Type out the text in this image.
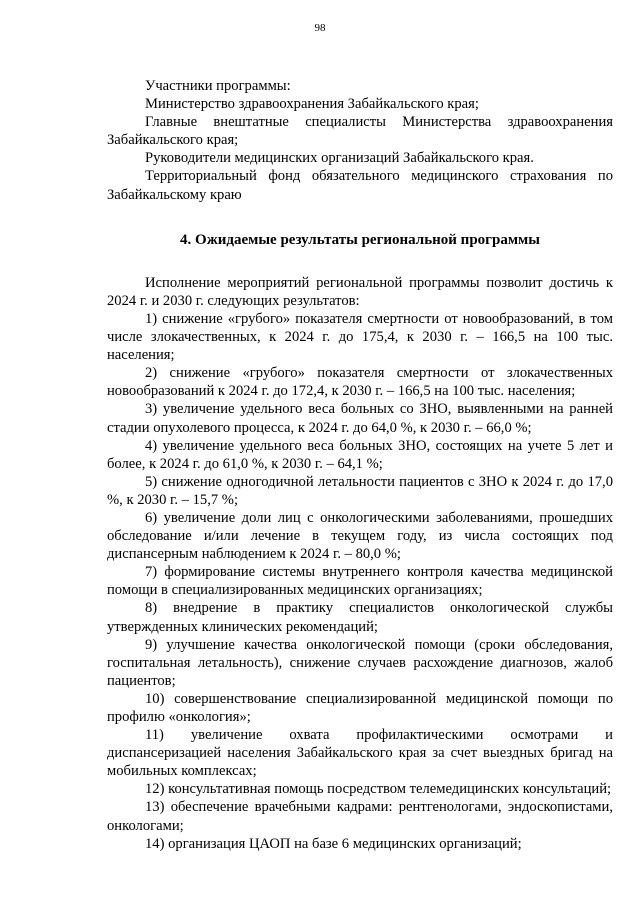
98

Участники программы:

Министерство здравоохранения Забайкальского края;

Главные внештатные специалисты Министерства здравоохранения Забайкальского края;

Руководители медицинских организаций Забайкальского края.

Территориальный фонд обязательного медицинского страхования по Забайкальскому краю

4. Ожидаемые результаты региональной программы

Исполнение мероприятий региональной программы позволит достичь к 2024 г. и 2030 г. следующих результатов:

1) снижение «грубого» показателя смертности от новообразований, в том числе злокачественных, к 2024 г. до 175,4, к 2030 г. – 166,5 на 100 тыс. населения;

2) снижение «грубого» показателя смертности от злокачественных новообразований к 2024 г. до 172,4, к 2030 г. – 166,5 на 100 тыс. населения;

3) увеличение удельного веса больных со ЗНО, выявленными на ранней стадии опухолевого процесса, к 2024 г. до 64,0 %, к 2030 г. – 66,0 %;

4) увеличение удельного веса больных ЗНО, состоящих на учете 5 лет и более, к 2024 г. до 61,0 %, к 2030 г. – 64,1 %;

5) снижение одногодичной летальности пациентов с ЗНО к 2024 г. до 17,0 %, к 2030 г. – 15,7 %;

6) увеличение доли лиц с онкологическими заболеваниями, прошедших обследование и/или лечение в текущем году, из числа состоящих под диспансерным наблюдением к 2024 г. – 80,0 %;

7) формирование системы внутреннего контроля качества медицинской помощи в специализированных медицинских организациях;

8) внедрение в практику специалистов онкологической службы утвержденных клинических рекомендаций;

9) улучшение качества онкологической помощи (сроки обследования, госпитальная летальность), снижение случаев расхождение диагнозов, жалоб пациентов;

10) совершенствование специализированной медицинской помощи по профилю «онкология»;

11) увеличение охвата профилактическими осмотрами и диспансеризацией населения Забайкальского края за счет выездных бригад на мобильных комплексах;

12) консультативная помощь посредством телемедицинских консультаций;

13) обеспечение врачебными кадрами: рентгенологами, эндоскопистами, онкологами;

14) организация ЦАОП на базе 6 медицинских организаций;
